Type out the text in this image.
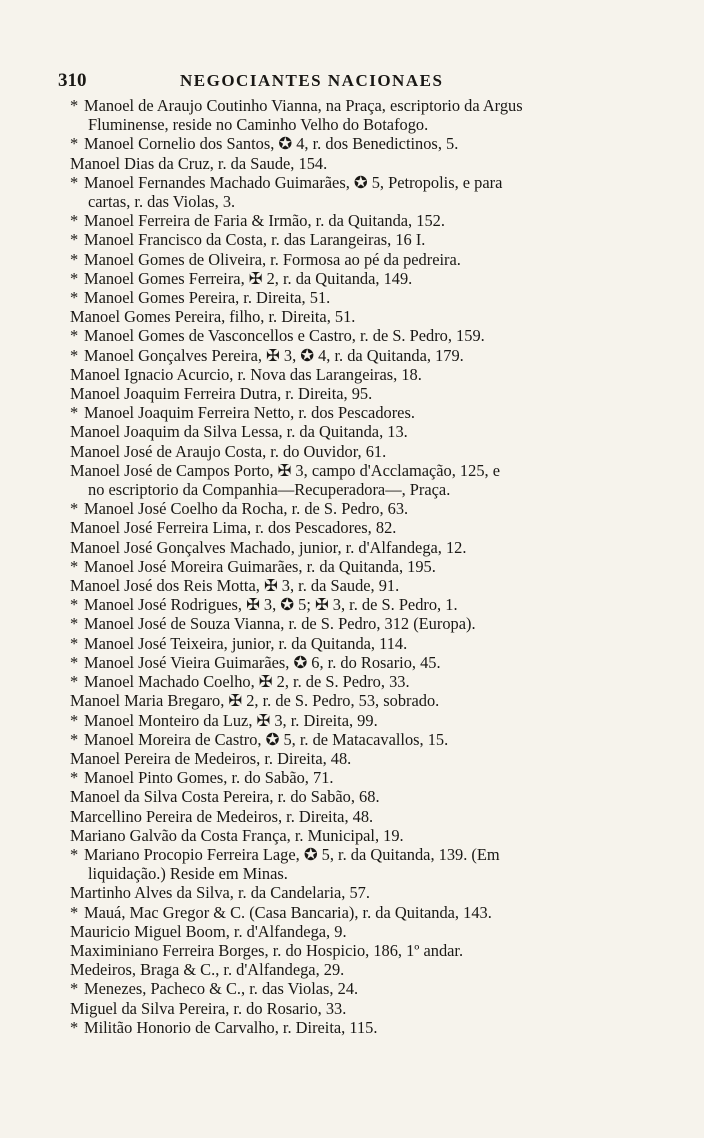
310	NEGOCIANTES NACIONAES
* Manoel de Araujo Coutinho Vianna, na Praça, escriptorio da Argus
Fluminense, reside no Caminho Velho do Botafogo.
* Manoel Cornelio dos Santos, ✪ 4, r. dos Benedictinos, 5.
Manoel Dias da Cruz, r. da Saude, 154.
* Manoel Fernandes Machado Guimarães, ✪ 5, Petropolis, e para
cartas, r. das Violas, 3.
* Manoel Ferreira de Faria & Irmão, r. da Quitanda, 152.
* Manoel Francisco da Costa, r. das Larangeiras, 16 I.
* Manoel Gomes de Oliveira, r. Formosa ao pé da pedreira.
* Manoel Gomes Ferreira, ✠ 2, r. da Quitanda, 149.
* Manoel Gomes Pereira, r. Direita, 51.
Manoel Gomes Pereira, filho, r. Direita, 51.
* Manoel Gomes de Vasconcellos e Castro, r. de S. Pedro, 159.
* Manoel Gonçalves Pereira, ✠ 3, ✪ 4, r. da Quitanda, 179.
Manoel Ignacio Acurcio, r. Nova das Larangeiras, 18.
Manoel Joaquim Ferreira Dutra, r. Direita, 95.
* Manoel Joaquim Ferreira Netto, r. dos Pescadores.
Manoel Joaquim da Silva Lessa, r. da Quitanda, 13.
Manoel José de Araujo Costa, r. do Ouvidor, 61.
Manoel José de Campos Porto, ✠ 3, campo d'Acclamação, 125, e
no escriptorio da Companhia—Recuperadora—, Praça.
* Manoel José Coelho da Rocha, r. de S. Pedro, 63.
Manoel José Ferreira Lima, r. dos Pescadores, 82.
Manoel José Gonçalves Machado, junior, r. d'Alfandega, 12.
* Manoel José Moreira Guimarães, r. da Quitanda, 195.
Manoel José dos Reis Motta, ✠ 3, r. da Saude, 91.
* Manoel José Rodrigues, ✠ 3, ✪ 5; ✠ 3, r. de S. Pedro, 1.
* Manoel José de Souza Vianna, r. de S. Pedro, 312 (Europa).
* Manoel José Teixeira, junior, r. da Quitanda, 114.
* Manoel José Vieira Guimarães, ✪ 6, r. do Rosario, 45.
* Manoel Machado Coelho, ✠ 2, r. de S. Pedro, 33.
Manoel Maria Bregaro, ✠ 2, r. de S. Pedro, 53, sobrado.
* Manoel Monteiro da Luz, ✠ 3, r. Direita, 99.
* Manoel Moreira de Castro, ✪ 5, r. de Matacavallos, 15.
Manoel Pereira de Medeiros, r. Direita, 48.
* Manoel Pinto Gomes, r. do Sabão, 71.
Manoel da Silva Costa Pereira, r. do Sabão, 68.
Marcellino Pereira de Medeiros, r. Direita, 48.
Mariano Galvão da Costa França, r. Municipal, 19.
* Mariano Procopio Ferreira Lage, ✪ 5, r. da Quitanda, 139. (Em
liquidação.) Reside em Minas.
Martinho Alves da Silva, r. da Candelaria, 57.
* Mauá, Mac Gregor & C. (Casa Bancaria), r. da Quitanda, 143.
Mauricio Miguel Boom, r. d'Alfandega, 9.
Maximiniano Ferreira Borges, r. do Hospicio, 186, 1º andar.
Medeiros, Braga & C., r. d'Alfandega, 29.
* Menezes, Pacheco & C., r. das Violas, 24.
Miguel da Silva Pereira, r. do Rosario, 33.
* Militão Honorio de Carvalho, r. Direita, 115.
